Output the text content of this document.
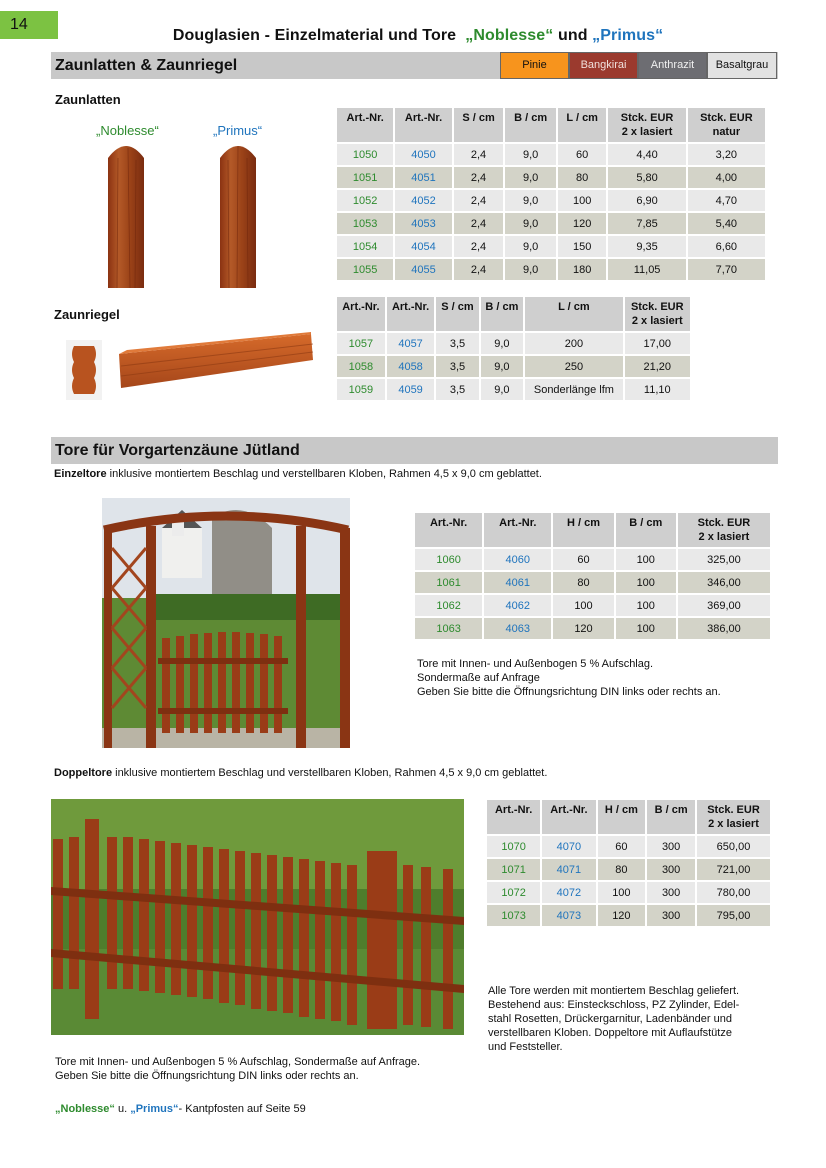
14
Douglasien - Einzelmaterial und Tore „Noblesse“ und „Primus“
Zaunlatten & Zaunriegel	Pinie	Bangkirai	Anthrazit	Basaltgrau
Zaunlatten
„Noblesse“	„Primus“
Art.-Nr.	Art.-Nr.	S / cm	B / cm	L / cm	Stck. EUR
2 x lasiert	Stck. EUR
natur
1050	4050	2,4	9,0	60	4,40	3,20
1051	4051	2,4	9,0	80	5,80	4,00
1052	4052	2,4	9,0	100	6,90	4,70
1053	4053	2,4	9,0	120	7,85	5,40
1054	4054	2,4	9,0	150	9,35	6,60
1055	4055	2,4	9,0	180	11,05	7,70
Zaunriegel	Art.-Nr.	Art.-Nr.	S / cm	B / cm	L / cm	Stck. EUR
2 x lasiert
1057	4057	3,5	9,0	200	17,00
1058	4058	3,5	9,0	250	21,20
1059	4059	3,5	9,0	Sonderlänge lfm	11,10
Tore für Vorgartenzäune Jütland
Einzeltore inklusive montiertem Beschlag und verstellbaren Kloben, Rahmen 4,5 x 9,0 cm geblattet.
Art.-Nr.	Art.-Nr.	H / cm	B / cm	Stck. EUR
2 x lasiert
1060	4060	60	100	325,00
1061	4061	80	100	346,00
1062	4062	100	100	369,00
1063	4063	120	100	386,00
Tore mit Innen- und Außenbogen 5 % Aufschlag.
Sondermaße auf Anfrage
Geben Sie bitte die Öffnungsrichtung DIN links oder rechts an.
Doppeltore inklusive montiertem Beschlag und verstellbaren Kloben, Rahmen 4,5 x 9,0 cm geblattet.
Art.-Nr.	Art.-Nr.	H / cm	B / cm	Stck. EUR
2 x lasiert
1070	4070	60	300	650,00
1071	4071	80	300	721,00
1072	4072	100	300	780,00
1073	4073	120	300	795,00
Alle Tore werden mit montiertem Beschlag geliefert.
Bestehend aus: Einsteckschloss, PZ Zylinder, Edel-
stahl Rosetten, Drückergarnitur, Ladenbänder und
verstellbaren Kloben. Doppeltore mit Auflaufstütze
und Feststeller.
Tore mit Innen- und Außenbogen 5 % Aufschlag, Sondermaße auf Anfrage.
Geben Sie bitte die Öffnungsrichtung DIN links oder rechts an.
„Noblesse“ u. „Primus“- Kantpfosten auf Seite 59
